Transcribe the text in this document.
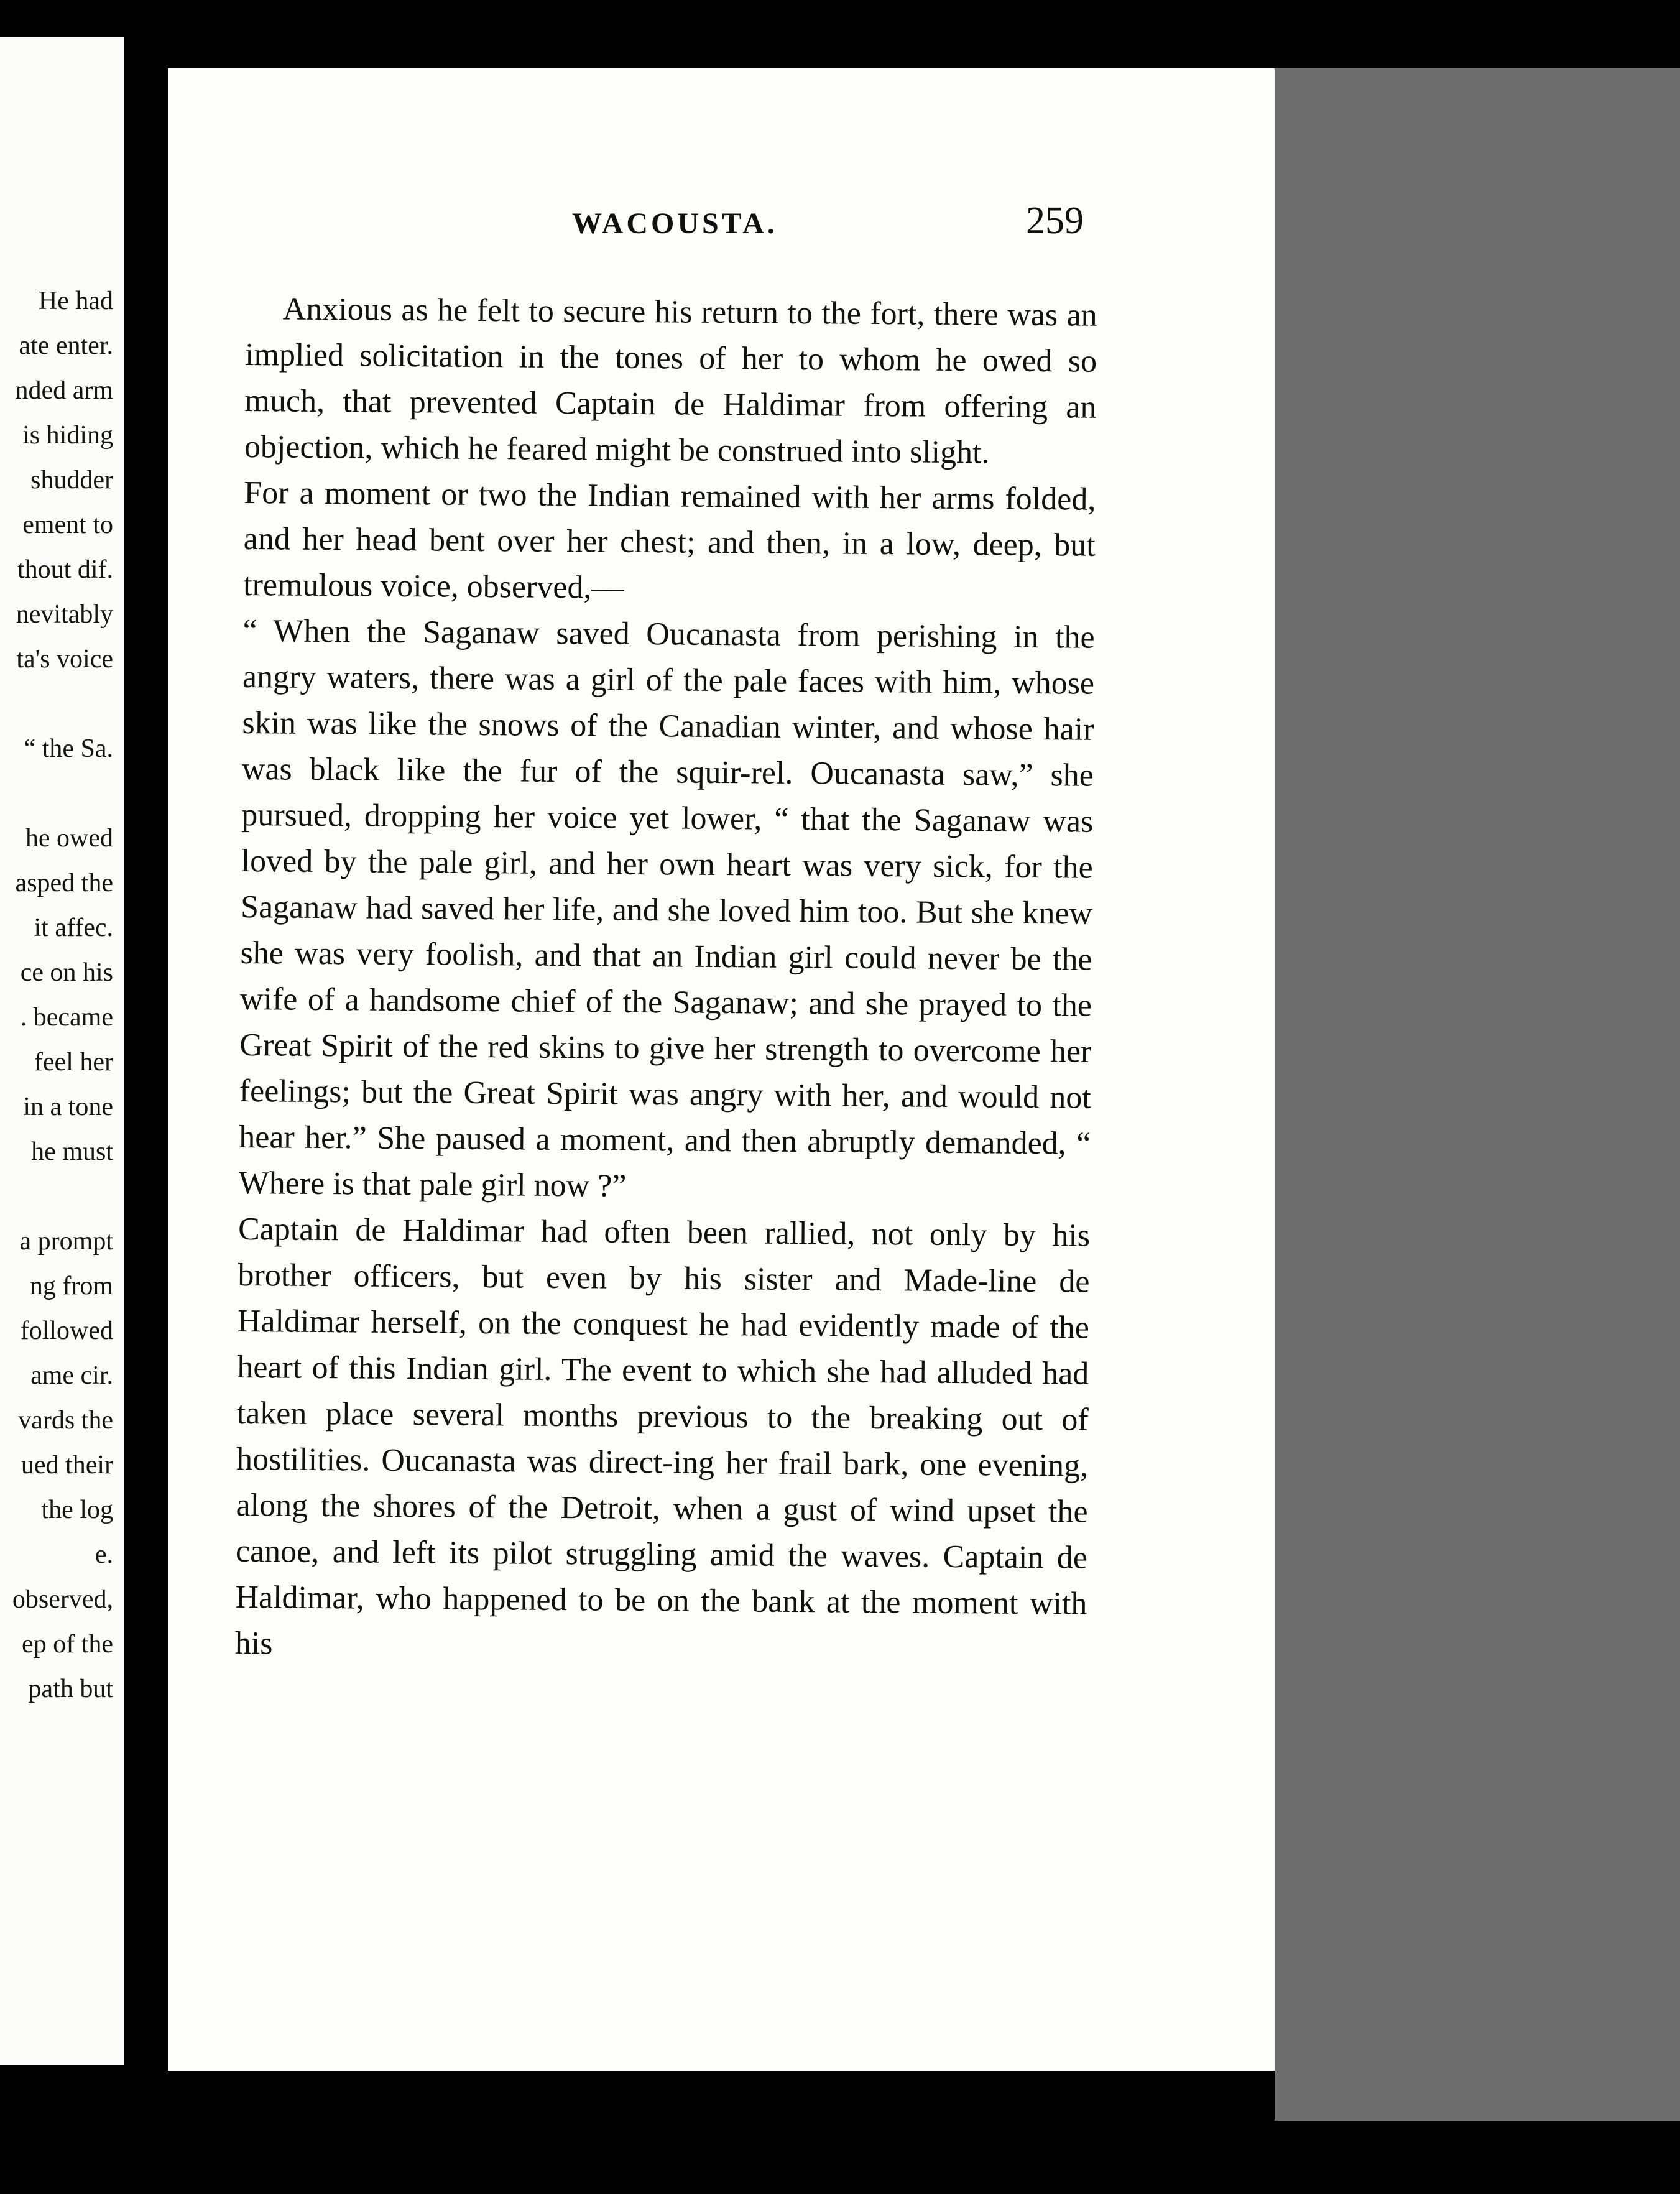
He had
ate enter.
nded arm
is hiding
shudder
ement to
thout dif.
nevitably
ta's voice
“ the Sa.
he owed
asped the
it affec.
ce on his
. became
feel her
in a tone
he must
a prompt
ng from
followed
ame cir.
vards the
ued their
the log
e.
observed,
ep of the
path but
WACOUSTA.	259

Anxious as he felt to secure his return to the fort, there was an implied solicitation in the tones of her to whom he owed so much, that prevented Captain de Haldimar from offering an objection, which he feared might be construed into slight.

For a moment or two the Indian remained with her arms folded, and her head bent over her chest; and then, in a low, deep, but tremulous voice, observed,—

“ When the Saganaw saved Oucanasta from perishing in the angry waters, there was a girl of the pale faces with him, whose skin was like the snows of the Canadian winter, and whose hair was black like the fur of the squir-rel. Oucanasta saw,” she pursued, dropping her voice yet lower, “ that the Saganaw was loved by the pale girl, and her own heart was very sick, for the Saganaw had saved her life, and she loved him too. But she knew she was very foolish, and that an Indian girl could never be the wife of a handsome chief of the Saganaw; and she prayed to the Great Spirit of the red skins to give her strength to overcome her feelings; but the Great Spirit was angry with her, and would not hear her.” She paused a moment, and then abruptly demanded, “ Where is that pale girl now ?”

Captain de Haldimar had often been rallied, not only by his brother officers, but even by his sister and Made-line de Haldimar herself, on the conquest he had evidently made of the heart of this Indian girl. The event to which she had alluded had taken place several months previous to the breaking out of hostilities. Oucanasta was direct-ing her frail bark, one evening, along the shores of the Detroit, when a gust of wind upset the canoe, and left its pilot struggling amid the waves. Captain de Haldimar, who happened to be on the bank at the moment with his
